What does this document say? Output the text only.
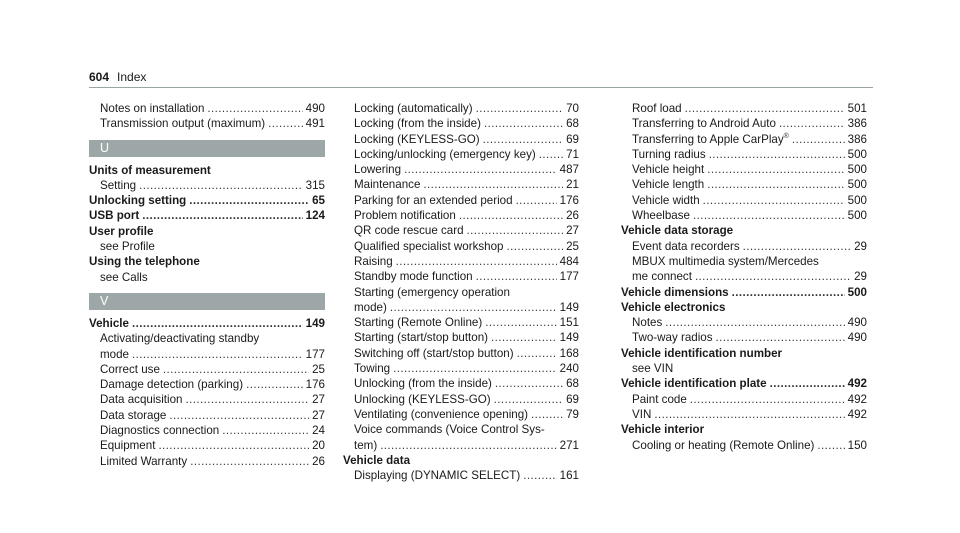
604 Index
Notes on installation .....	490
Transmission output (maximum) .....	491
U
Units of measurement
Setting .....	315
Unlocking setting .....	65
USB port .....	124
User profile
see Profile
Using the telephone
see Calls
V
Vehicle .....	149
Activating/deactivating standby
mode .....	177
Correct use .....	25
Damage detection (parking) .....	176
Data acquisition .....	27
Data storage .....	27
Diagnostics connection .....	24
Equipment .....	20
Limited Warranty .....	26
Locking (automatically) .....	70
Locking (from the inside) .....	68
Locking (KEYLESS-GO) .....	69
Locking/unlocking (emergency key) .....	71
Lowering .....	487
Maintenance .....	21
Parking for an extended period .....	176
Problem notification .....	26
QR code rescue card .....	27
Qualified specialist workshop .....	25
Raising .....	484
Standby mode function .....	177
Starting (emergency operation
mode) .....	149
Starting (Remote Online) .....	151
Starting (start/stop button) .....	149
Switching off (start/stop button) .....	168
Towing .....	240
Unlocking (from the inside) .....	68
Unlocking (KEYLESS-GO) .....	69
Ventilating (convenience opening) .....	79
Voice commands (Voice Control Sys-
tem) .....	271
Vehicle data
Displaying (DYNAMIC SELECT) .....	161
Roof load .....	501
Transferring to Android Auto .....	386
Transferring to Apple CarPlay® .....	386
Turning radius .....	500
Vehicle height .....	500
Vehicle length .....	500
Vehicle width .....	500
Wheelbase .....	500
Vehicle data storage
Event data recorders .....	29
MBUX multimedia system/Mercedes
me connect .....	29
Vehicle dimensions .....	500
Vehicle electronics
Notes .....	490
Two-way radios .....	490
Vehicle identification number
see VIN
Vehicle identification plate .....	492
Paint code .....	492
VIN .....	492
Vehicle interior
Cooling or heating (Remote Online) .....	150
